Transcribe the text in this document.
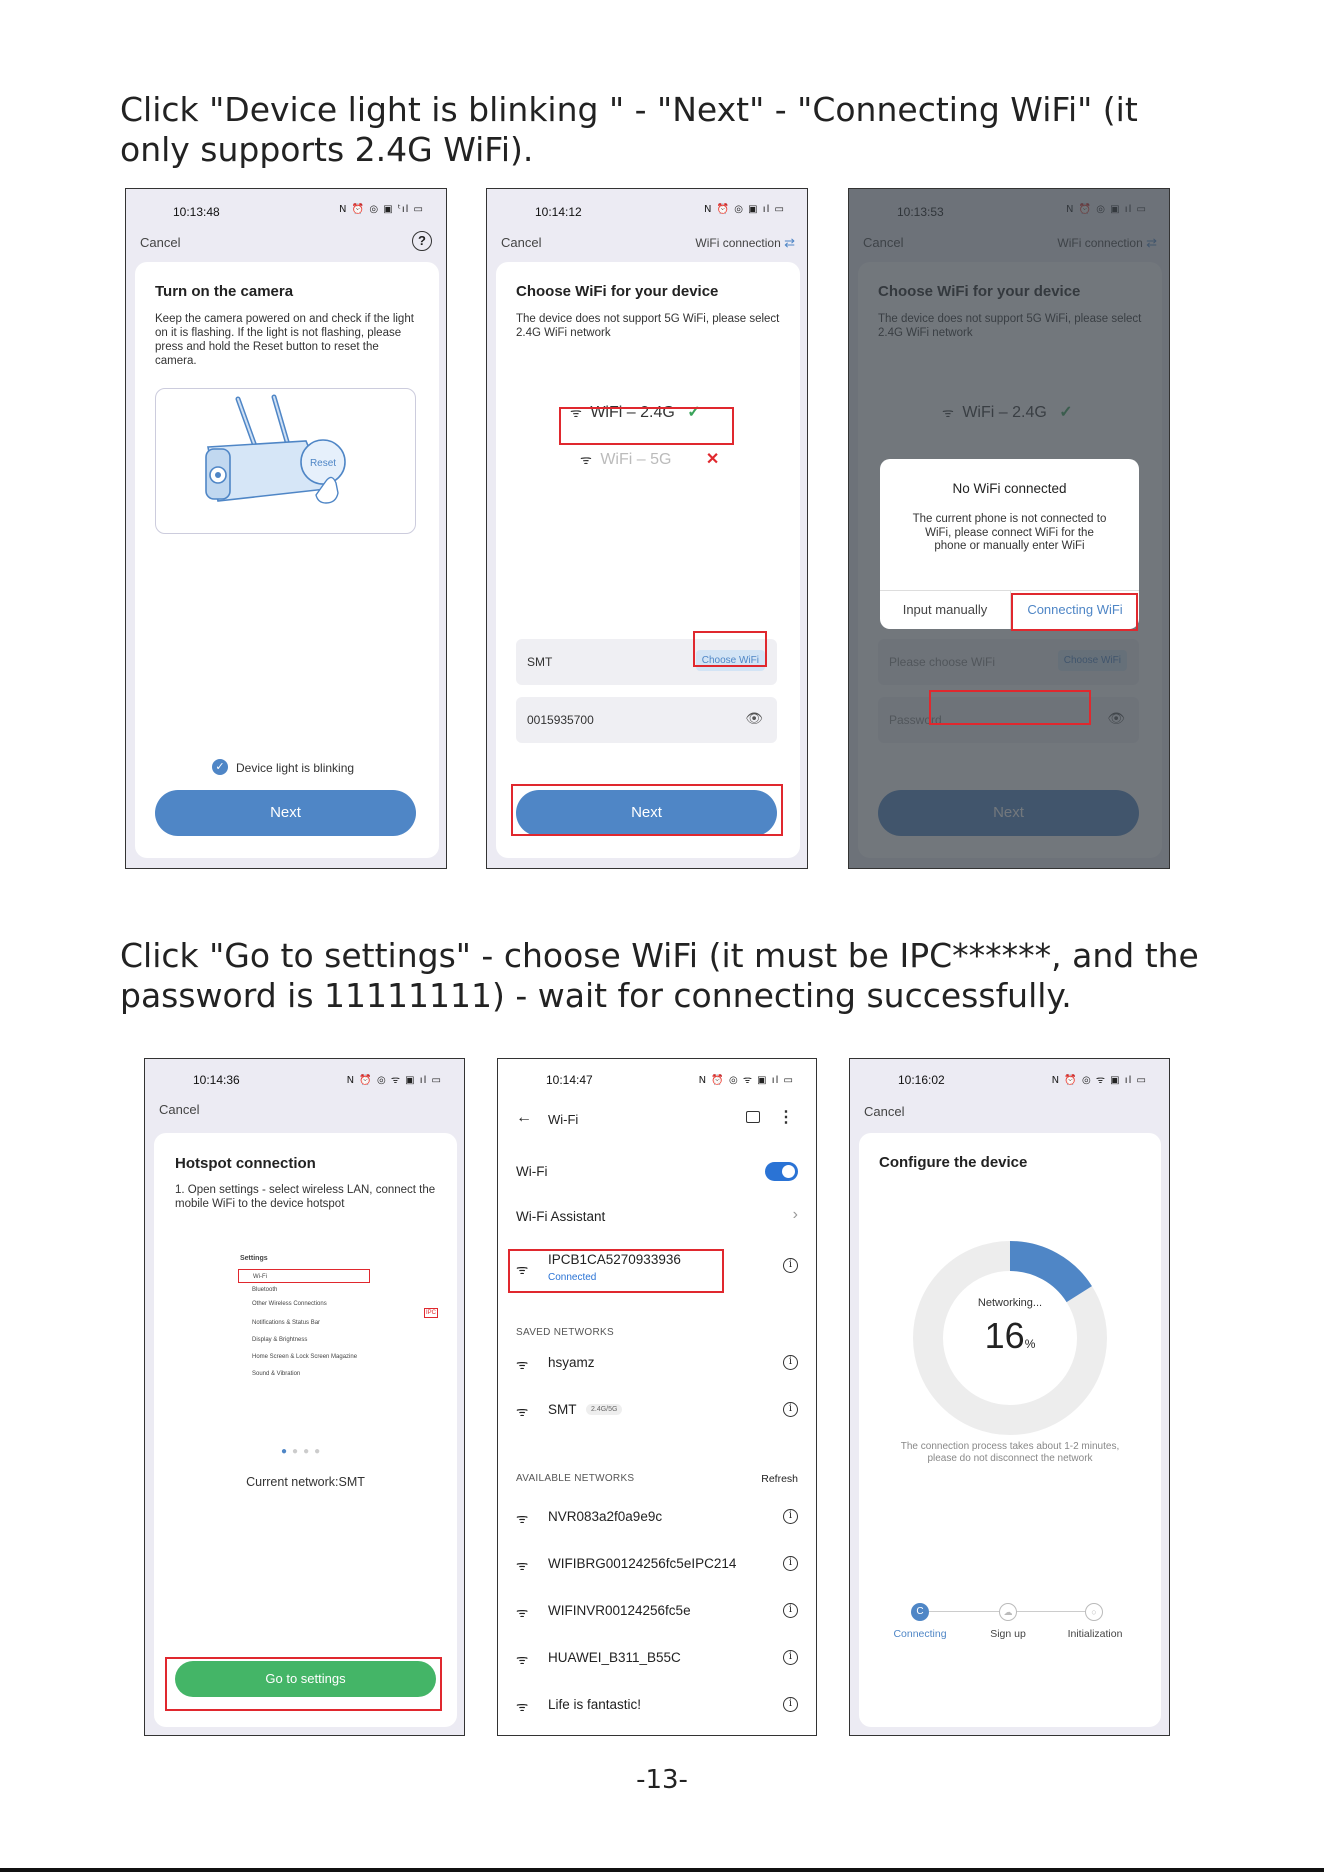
Click "Device light is blinking " - "Next" - "Connecting WiFi" (it only supports 2.4G WiFi).
10:13:48	N ⏰ ◎ ▣ ᵗıl ▭
Cancel	?
Turn on the camera
Keep the camera powered on and check if the light on it is flashing. If the light is not flashing, please press and hold the Reset button to reset the camera.
Reset
✓ Device light is blinking
Next
10:14:12	N ⏰ ◎ ▣ ıl ▭
Cancel	WiFi connection ⇄
Choose WiFi for your device
The device does not support 5G WiFi, please select 2.4G WiFi network
ᯤ WiFi – 2.4G ✓
ᯤ WiFi – 5G ✕
SMT	Choose WiFi
0015935700	👁
Next
No WiFi connected
The current phone is not connected to WiFi, please connect WiFi for the phone or manually enter WiFi
Input manually	Connecting WiFi
Click "Go to settings" - choose WiFi (it must be IPC******, and the password is 11111111) - wait for connecting successfully.
10:14:36	N ⏰ ◎ ᯤ ▣ ıl ▭
Cancel
Hotspot connection
1. Open settings - select wireless LAN, connect the mobile WiFi to the device hotspot
Settings
Wi-Fi
Bluetooth
Other Wireless Connections
Notifications & Status Bar
Display & Brightness
Home Screen & Lock Screen Magazine
Sound & Vibration
IPC
●●●●
Current network:SMT
Go to settings
10:14:47	N ⏰ ◎ ᯤ ▣ ıl ▭
← Wi-Fi	⋮
Wi-Fi
Wi-Fi Assistant	›
ᯤ
IPCB1CA5270933936
Connected
i
SAVED NETWORKS
ᯤ hsyamz	i
ᯤ SMT	2.4G/5G	i
AVAILABLE NETWORKS	Refresh
ᯤ NVR083a2f0a9e9c	i
ᯤ WIFIBRG00124256fc5eIPC214	i
ᯤ WIFINVR00124256fc5e	i
ᯤ HUAWEI_B311_B55C	i
ᯤ Life is fantastic!	i
10:16:02	N ⏰ ◎ ᯤ ▣ ıl ▭
Cancel
Configure the device
Networking...
16%
The connection process takes about 1-2 minutes, please do not disconnect the network
C	☁	○
Connecting	Sign up	Initialization
-13-
